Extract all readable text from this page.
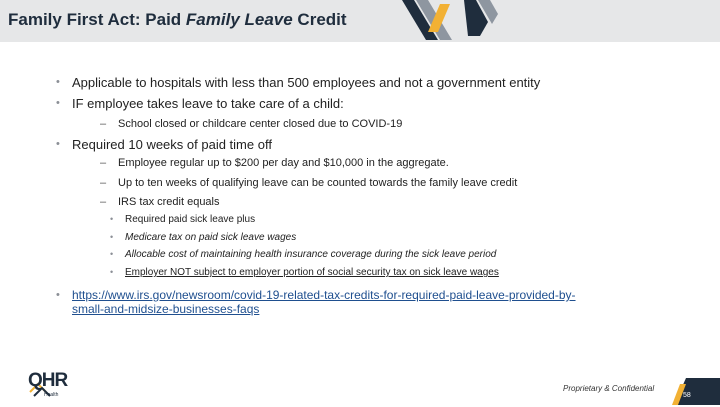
Family First Act: Paid Family Leave Credit
• Applicable to hospitals with less than 500 employees and not a government entity
• IF employee takes leave to take care of a child:
– School closed or childcare center closed due to COVID-19
• Required 10 weeks of paid time off
– Employee regular up to $200 per day and $10,000 in the aggregate.
– Up to ten weeks of qualifying leave can be counted towards the family leave credit
– IRS tax credit equals
• Required paid sick leave plus
• Medicare tax on paid sick leave wages
• Allocable cost of maintaining health insurance coverage during the sick leave period
• Employer NOT subject to employer portion of social security tax on sick leave wages
• https://www.irs.gov/newsroom/covid-19-related-tax-credits-for-required-paid-leave-provided-by-
small-and-midsize-businesses-faqs
QHR
Health
Proprietary & Confidential
58
